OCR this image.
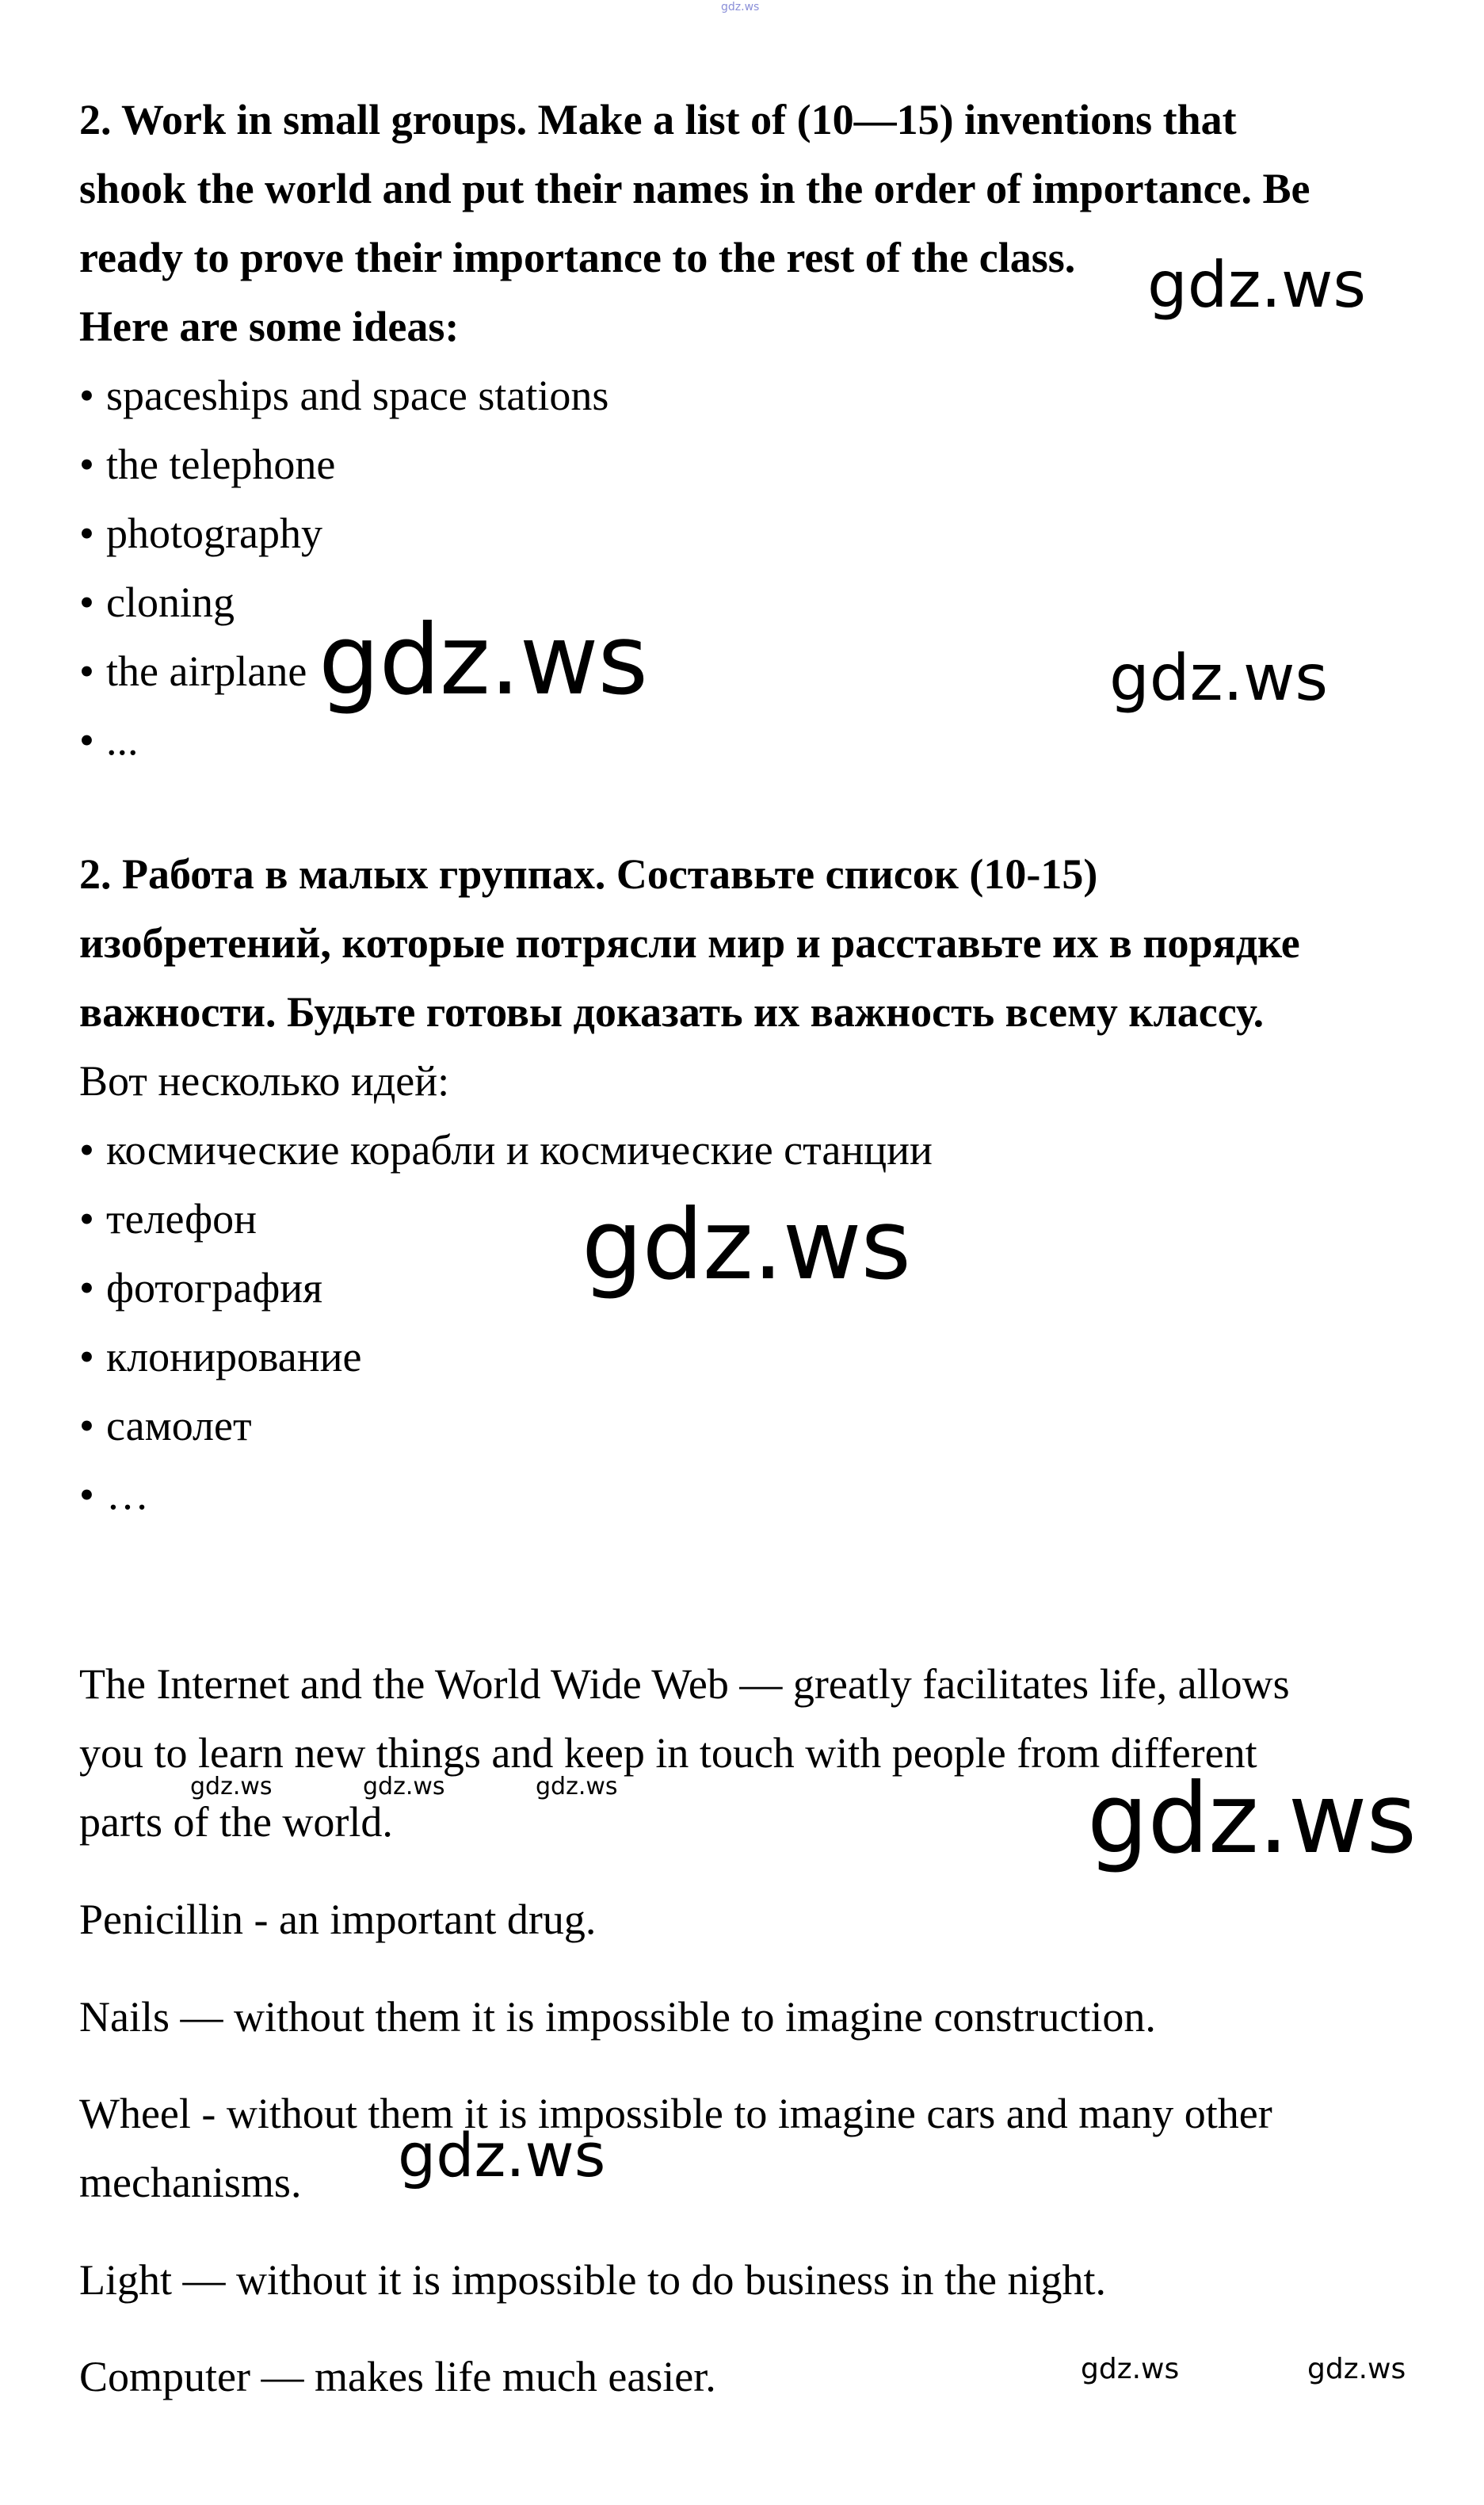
gdz.ws
2. Work in small groups. Make a list of (10—15) inventions that
shook the world and put their names in the order of importance. Be
ready to prove their importance to the rest of the class.
Here are some ideas:
• spaceships and space stations
• the telephone
• photography
• cloning
• the airplane
• ...
2. Работа в малых группах. Составьте список (10-15)
изобретений, которые потрясли мир и расставьте их в порядке
важности. Будьте готовы доказать их важность всему классу.
Вот несколько идей:
• космические корабли и космические станции
• телефон
• фотография
• клонирование
• самолет
• …
The Internet and the World Wide Web — greatly facilitates life, allows
you to learn new things and keep in touch with people from different
parts of the world.
Penicillin - an important drug.
Nails — without them it is impossible to imagine construction.
Wheel - without them it is impossible to imagine cars and many other
mechanisms.
Light — without it is impossible to do business in the night.
Computer — makes life much easier.
gdz.ws
gdz.ws	gdz.ws
gdz.ws
gdz.ws
gdz.ws	gdz.ws	gdz.ws
gdz.ws
gdz.ws	gdz.ws
